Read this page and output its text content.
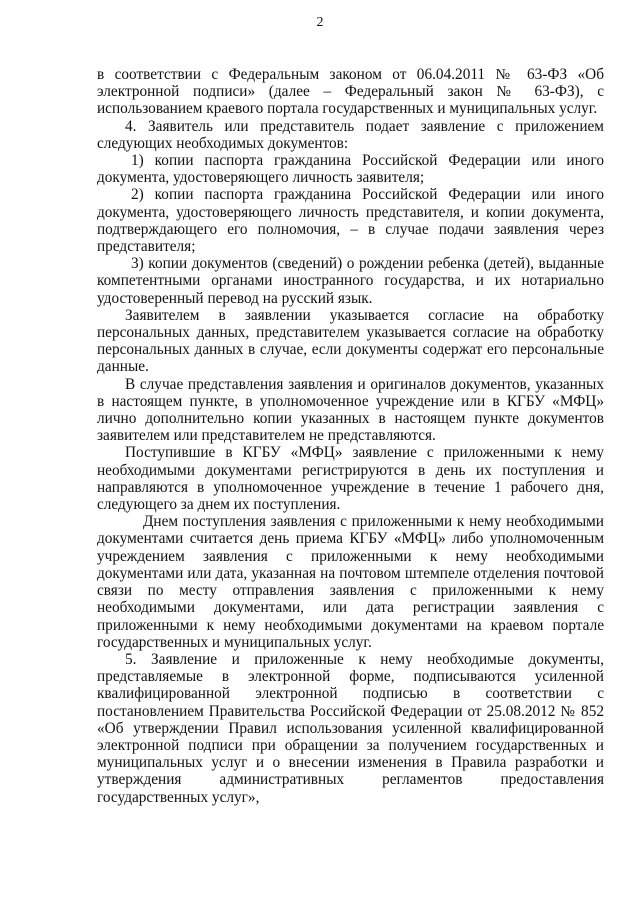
2

в соответствии с Федеральным законом от 06.04.2011 № 63-ФЗ «Об электронной подписи» (далее – Федеральный закон № 63-ФЗ), с использованием краевого портала государственных и муниципальных услуг.

4. Заявитель или представитель подает заявление с приложением следующих необходимых документов:

1) копии паспорта гражданина Российской Федерации или иного документа, удостоверяющего личность заявителя;

2) копии паспорта гражданина Российской Федерации или иного документа, удостоверяющего личность представителя, и копии документа, подтверждающего его полномочия, – в случае подачи заявления через представителя;

3) копии документов (сведений) о рождении ребенка (детей), выданные компетентными органами иностранного государства, и их нотариально удостоверенный перевод на русский язык.

Заявителем в заявлении указывается согласие на обработку персональных данных, представителем указывается согласие на обработку персональных данных в случае, если документы содержат его персональные данные.

В случае представления заявления и оригиналов документов, указанных в настоящем пункте, в уполномоченное учреждение или в КГБУ «МФЦ» лично дополнительно копии указанных в настоящем пункте документов заявителем или представителем не представляются.

Поступившие в КГБУ «МФЦ» заявление с приложенными к нему необходимыми документами регистрируются в день их поступления и направляются в уполномоченное учреждение в течение 1 рабочего дня, следующего за днем их поступления.

Днем поступления заявления с приложенными к нему необходимыми документами считается день приема КГБУ «МФЦ» либо уполномоченным учреждением заявления с приложенными к нему необходимыми документами или дата, указанная на почтовом штемпеле отделения почтовой связи по месту отправления заявления с приложенными к нему необходимыми документами, или дата регистрации заявления с приложенными к нему необходимыми документами на краевом портале государственных и муниципальных услуг.

5. Заявление и приложенные к нему необходимые документы, представляемые в электронной форме, подписываются усиленной квалифицированной электронной подписью в соответствии с постановлением Правительства Российской Федерации от 25.08.2012 № 852 «Об утверждении Правил использования усиленной квалифицированной электронной подписи при обращении за получением государственных и муниципальных услуг и о внесении изменения в Правила разработки и утверждения административных регламентов предоставления государственных услуг»,
